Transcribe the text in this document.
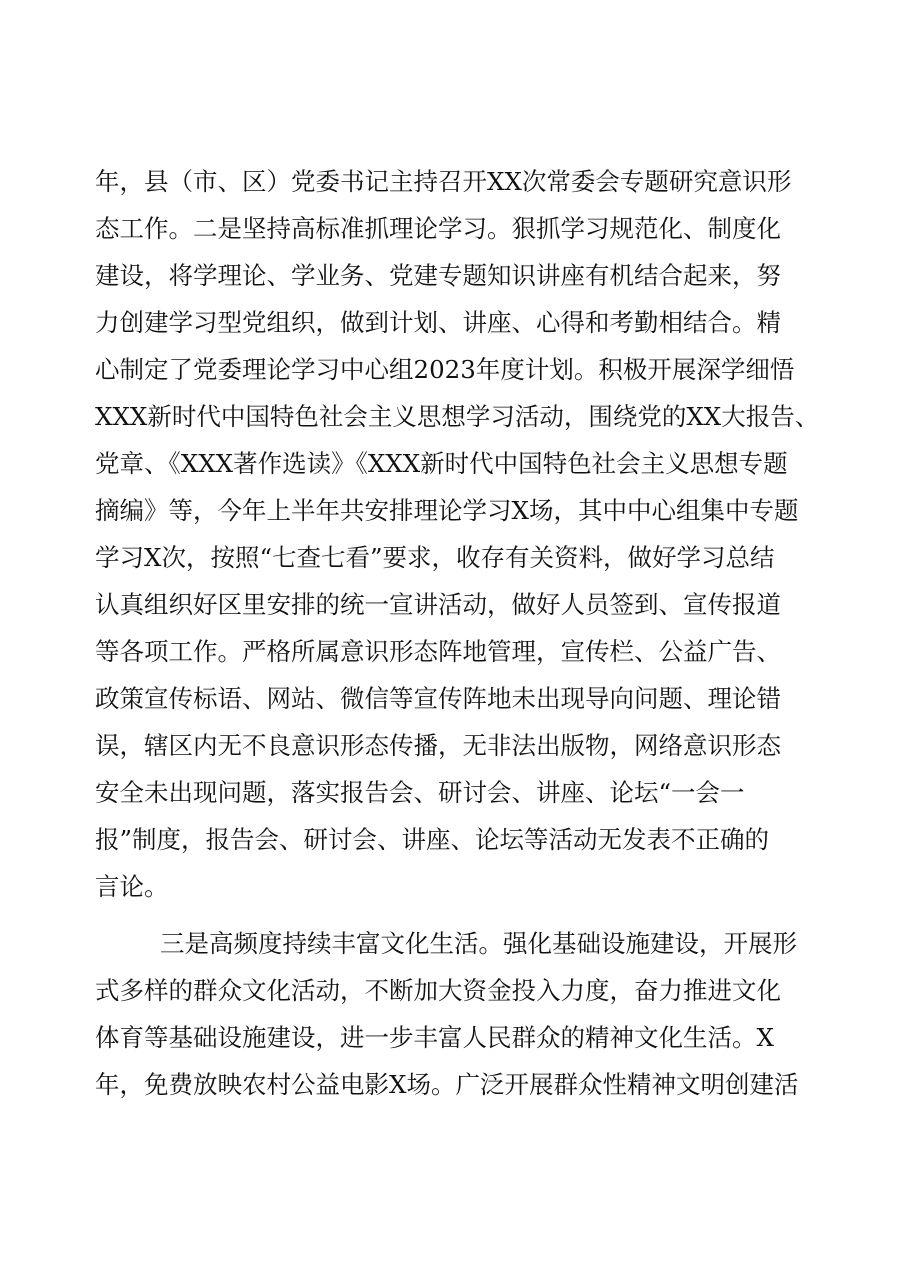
年，县（市、区）党委书记主持召开XX次常委会专题研究意识形
态工作。二是坚持高标准抓理论学习。狠抓学习规范化、制度化
建设，将学理论、学业务、党建专题知识讲座有机结合起来，努
力创建学习型党组织，做到计划、讲座、心得和考勤相结合。精
心制定了党委理论学习中心组2023年度计划。积极开展深学细悟
XXX新时代中国特色社会主义思想学习活动，围绕党的XX大报告、
党章、《XXX著作选读》《XXX新时代中国特色社会主义思想专题
摘编》等，今年上半年共安排理论学习X场，其中中心组集中专题
学习X次，按照“七查七看”要求，收存有关资料，做好学习总结
认真组织好区里安排的统一宣讲活动，做好人员签到、宣传报道
等各项工作。严格所属意识形态阵地管理，宣传栏、公益广告、
政策宣传标语、网站、微信等宣传阵地未出现导向问题、理论错
误，辖区内无不良意识形态传播，无非法出版物，网络意识形态
安全未出现问题，落实报告会、研讨会、讲座、论坛“一会一
报”制度，报告会、研讨会、讲座、论坛等活动无发表不正确的
言论。
三是高频度持续丰富文化生活。强化基础设施建设，开展形
式多样的群众文化活动，不断加大资金投入力度，奋力推进文化
体育等基础设施建设，进一步丰富人民群众的精神文化生活。X
年，免费放映农村公益电影X场。广泛开展群众性精神文明创建活
